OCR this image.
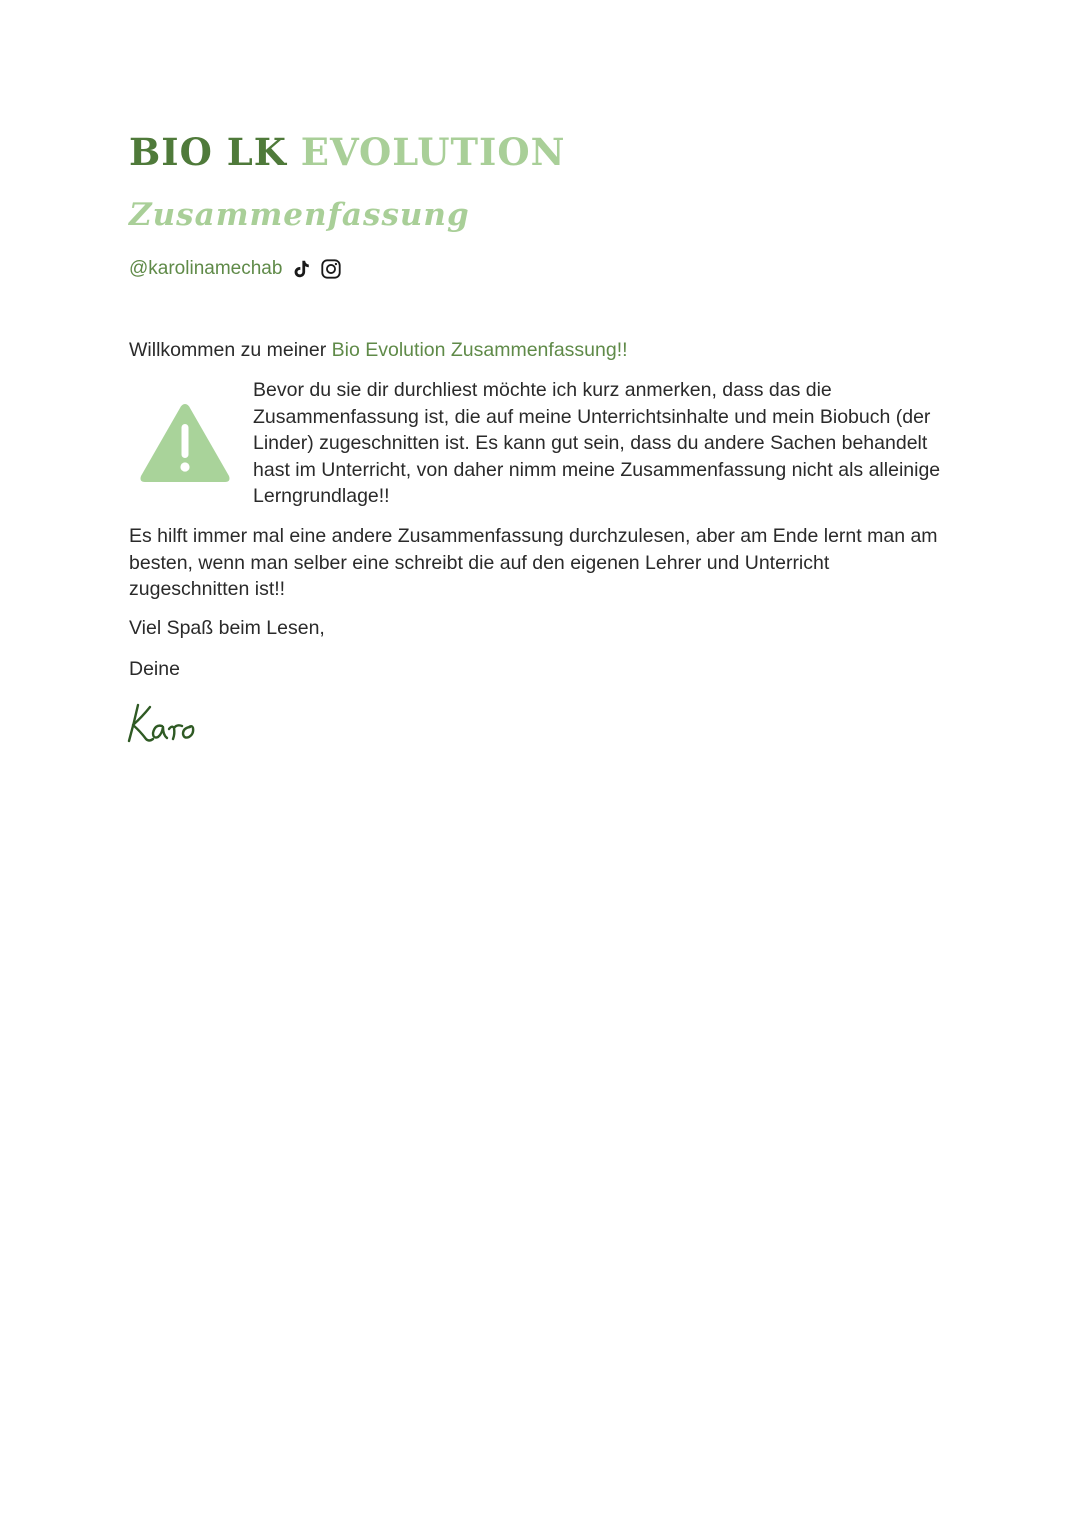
BIO LK EVOLUTION
Zusammenfassung
@karolinamechab

Willkommen zu meiner Bio Evolution Zusammenfassung!!

Bevor du sie dir durchliest möchte ich kurz anmerken, dass das die Zusammenfassung ist, die auf meine Unterrichtsinhalte und mein Biobuch (der Linder) zugeschnitten ist. Es kann gut sein, dass du andere Sachen behandelt hast im Unterricht, von daher nimm meine Zusammenfassung nicht als alleinige Lerngrundlage!!

Es hilft immer mal eine andere Zusammenfassung durchzulesen, aber am Ende lernt man am besten, wenn man selber eine schreibt die auf den eigenen Lehrer und Unterricht zugeschnitten ist!!

Viel Spaß beim Lesen,

Deine
